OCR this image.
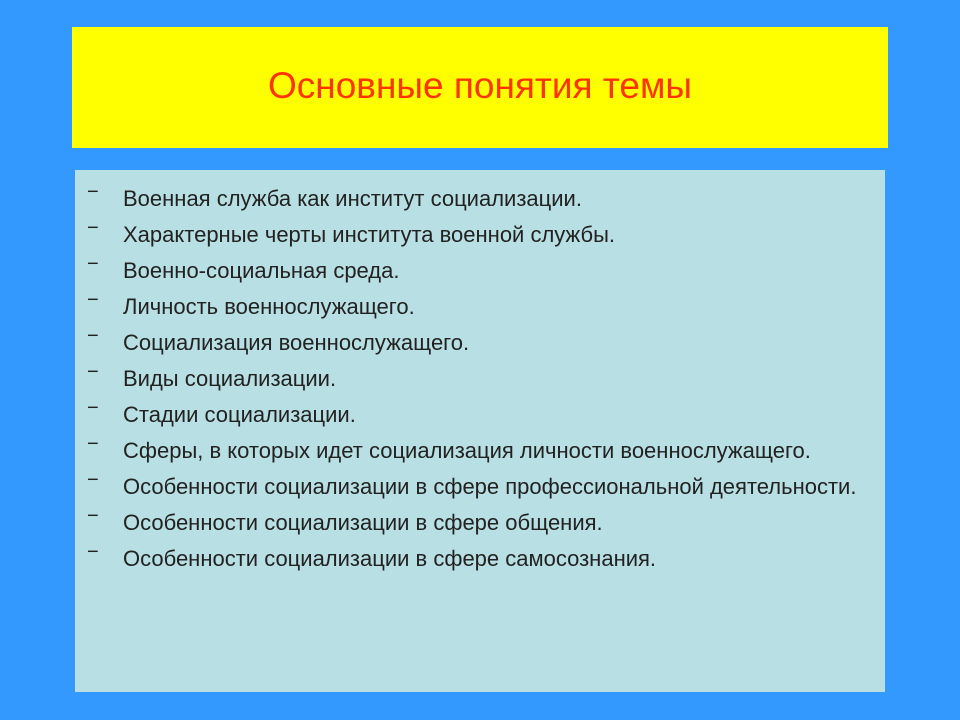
Основные понятия темы
− Военная служба как институт социализации.
− Характерные черты института военной службы.
− Военно-социальная среда.
− Личность военнослужащего.
− Социализация военнослужащего.
− Виды социализации.
− Стадии социализации.
− Сферы, в которых идет социализация личности военнослужащего.
− Особенности социализации в сфере профессиональной деятельности.
− Особенности социализации в сфере общения.
− Особенности социализации в сфере самосознания.
